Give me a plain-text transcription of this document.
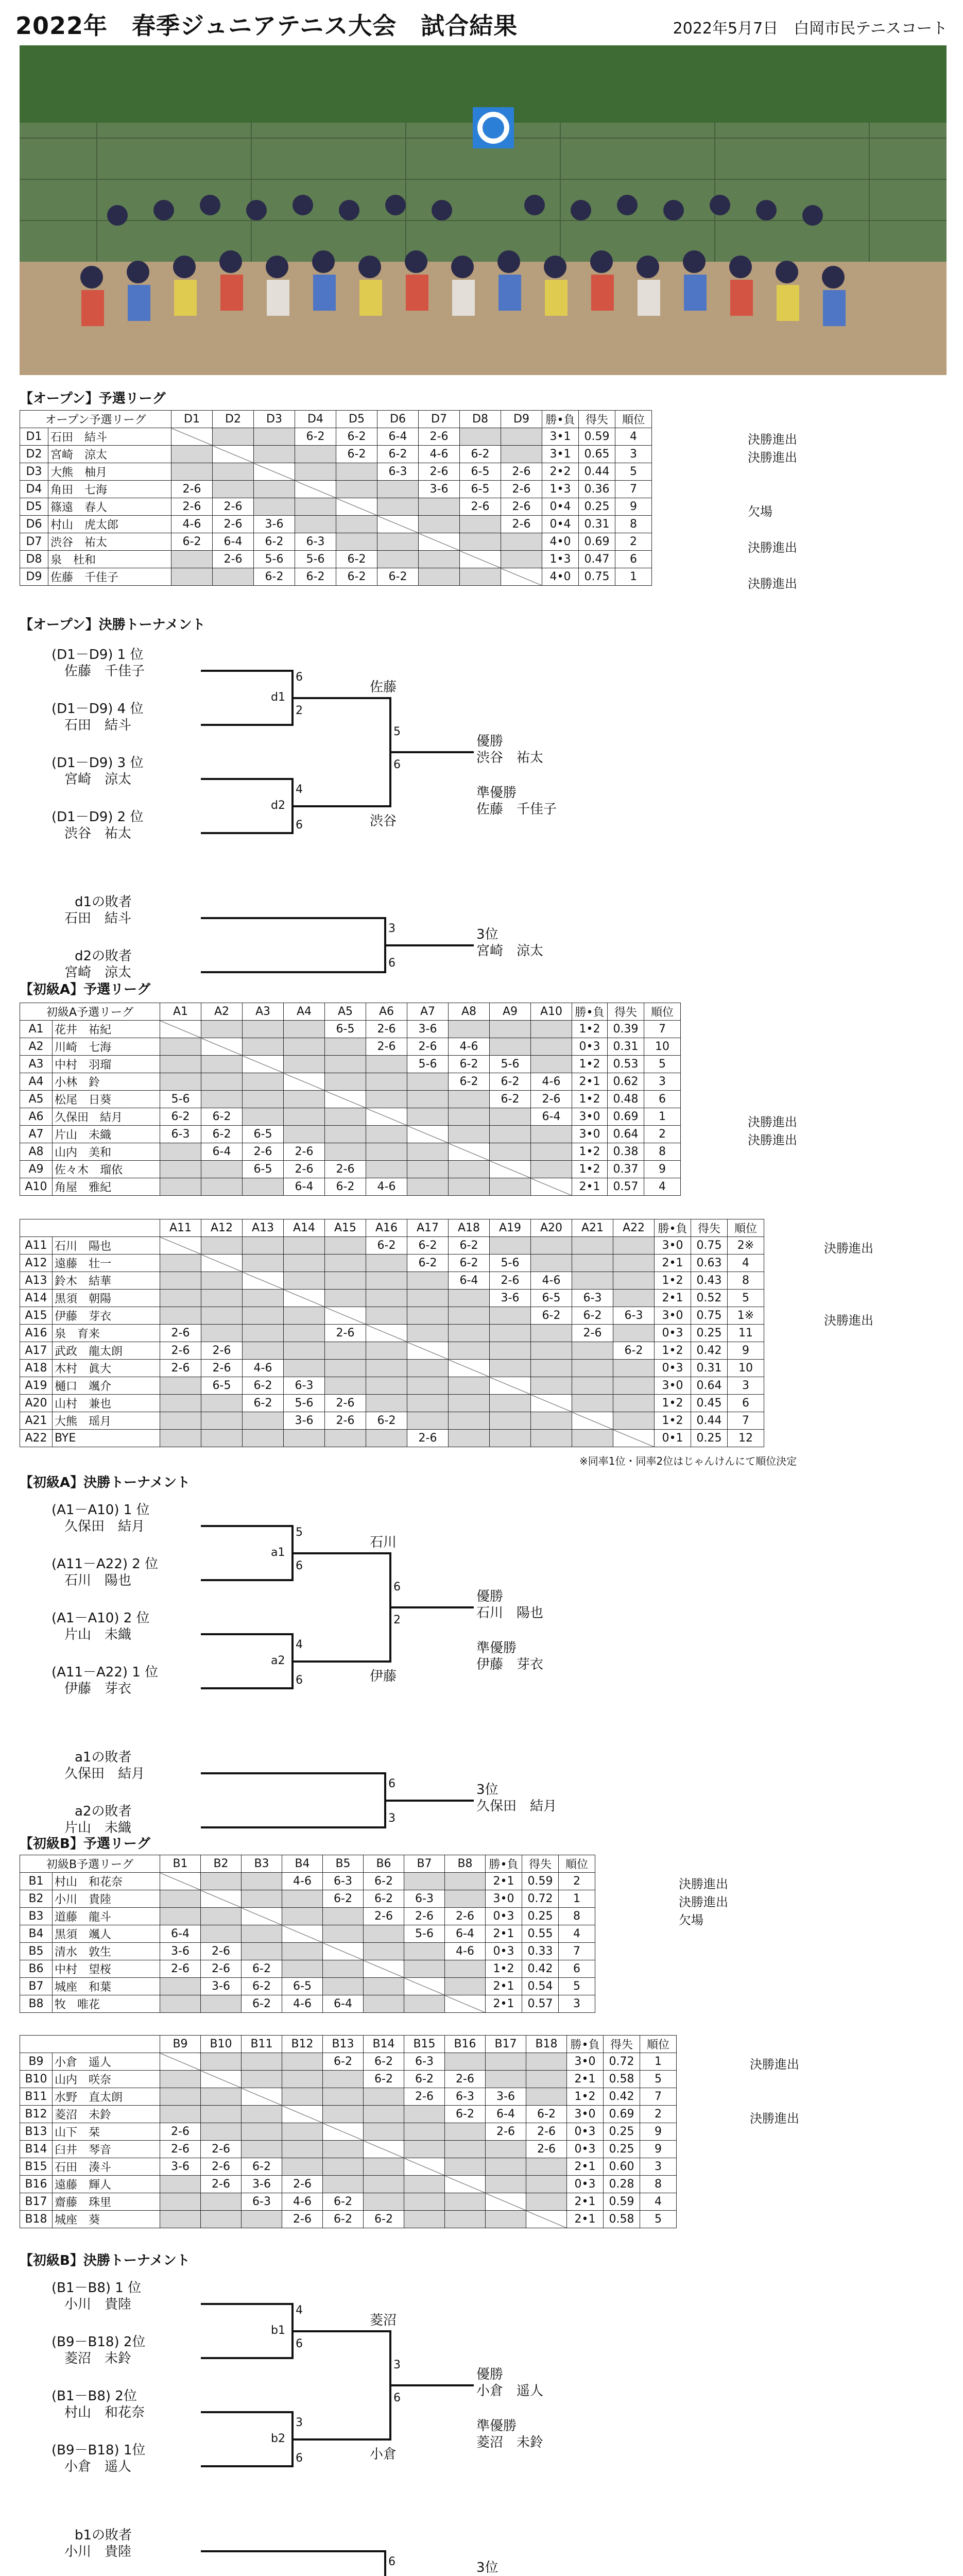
2022年　春季ジュニアテニス大会　試合結果	2022年5月7日　 白岡市民テニスコート
【オープン】予選リーグ
決勝進出
決勝進出
欠場
決勝進出
決勝進出
オープン予選リーグ		D1	D2	D3	D4	D5	D6	D7	D8	D9	勝•負	得失	順位
D1	石田　結斗				6-2	6-2	6-4	2-6			3•1	0.59	4
D2	宮崎　涼太					6-2	6-2	4-6	6-2		3•1	0.65	3
D3	大熊　柚月						6-3	2-6	6-5	2-6	2•2	0.44	5
D4	角田　七海	2-6						3-6	6-5	2-6	1•3	0.36	7
D5	篠遠　春人	2-6	2-6						2-6	2-6	0•4	0.25	9
D6	村山　虎太郎	4-6	2-6	3-6						2-6	0•4	0.31	8
D7	渋谷　祐太	6-2	6-4	6-2	6-3						4•0	0.69	2
D8	泉　杜和		2-6	5-6	5-6	6-2					1•3	0.47	6
D9	佐藤　千佳子			6-2	6-2	6-2	6-2				4•0	0.75	1
【オープン】決勝トーナメント
(D1－D9) 1 位
佐藤　千佳子
(D1－D9) 4 位
石田　結斗
(D1－D9) 3 位
宮崎　涼太
(D1－D9) 2 位
渋谷　祐太
d1
d2
6
2
4
6
佐藤
渋谷
5
6
優勝
渋谷　祐太
準優勝
佐藤　千佳子
d1の敗者
石田　結斗
d2の敗者
宮崎　涼太
3
6
3位
宮崎　涼太
【初級A】予選リーグ
決勝進出
決勝進出
初級A予選リーグ		A1	A2	A3	A4	A5	A6	A7	A8	A9	A10	勝•負	得失	順位
A1	花井　祐紀					6-5	2-6	3-6				1•2	0.39	7
A2	川崎　七海						2-6	2-6	4-6			0•3	0.31	10
A3	中村　羽瑠							5-6	6-2	5-6		1•2	0.53	5
A4	小林　鈴								6-2	6-2	4-6	2•1	0.62	3
A5	松尾　日葵	5-6								6-2	2-6	1•2	0.48	6
A6	久保田　結月	6-2	6-2								6-4	3•0	0.69	1
A7	片山　未織	6-3	6-2	6-5								3•0	0.64	2
A8	山内　美和		6-4	2-6	2-6							1•2	0.38	8
A9	佐々木　瑠依			6-5	2-6	2-6						1•2	0.37	9
A10	角屋　雅紀				6-4	6-2	4-6					2•1	0.57	4
決勝進出
決勝進出
		A11	A12	A13	A14	A15	A16	A17	A18	A19	A20	A21	A22	勝•負	得失	順位
A11	石川　陽也						6-2	6-2	6-2					3•0	0.75	2※
A12	遠藤　壮一							6-2	6-2	5-6				2•1	0.63	4
A13	鈴木　結華								6-4	2-6	4-6			1•2	0.43	8
A14	黒須　朝陽									3-6	6-5	6-3		2•1	0.52	5
A15	伊藤　芽衣										6-2	6-2	6-3	3•0	0.75	1※
A16	泉　育来	2-6				2-6						2-6		0•3	0.25	11
A17	武政　龍太朗	2-6	2-6										6-2	1•2	0.42	9
A18	木村　眞大	2-6	2-6	4-6										0•3	0.31	10
A19	樋口　颯介		6-5	6-2	6-3									3•0	0.64	3
A20	山村　兼也			6-2	5-6	2-6								1•2	0.45	6
A21	大熊　瑶月				3-6	2-6	6-2							1•2	0.44	7
A22	BYE							2-6						0•1	0.25	12
※同率1位・同率2位はじゃんけんにて順位決定
【初級A】決勝トーナメント
(A1－A10) 1 位
久保田　結月
(A11－A22) 2 位
石川　陽也
(A1－A10) 2 位
片山　未織
(A11－A22) 1 位
伊藤　芽衣
a1
a2
5
6
4
6
石川
伊藤
6
2
優勝
石川　陽也
準優勝
伊藤　芽衣
a1の敗者
久保田　結月
a2の敗者
片山　未織
6
3
3位
久保田　結月
【初級B】予選リーグ
決勝進出
決勝進出
欠場
初級B予選リーグ		B1	B2	B3	B4	B5	B6	B7	B8	勝•負	得失	順位
B1	村山　和花奈				4-6	6-3	6-2			2•1	0.59	2
B2	小川　貴陸					6-2	6-2	6-3		3•0	0.72	1
B3	道藤　龍斗						2-6	2-6	2-6	0•3	0.25	8
B4	黒須　颯人	6-4						5-6	6-4	2•1	0.55	4
B5	清水　敦生	3-6	2-6						4-6	0•3	0.33	7
B6	中村　望桜	2-6	2-6	6-2						1•2	0.42	6
B7	城座　和葉		3-6	6-2	6-5					2•1	0.54	5
B8	牧　唯花			6-2	4-6	6-4				2•1	0.57	3
決勝進出
決勝進出
		B9	B10	B11	B12	B13	B14	B15	B16	B17	B18	勝•負	得失	順位
B9	小倉　遥人					6-2	6-2	6-3				3•0	0.72	1
B10	山内　咲奈						6-2	6-2	2-6			2•1	0.58	5
B11	水野　直太朗							2-6	6-3	3-6		1•2	0.42	7
B12	菱沼　未鈴								6-2	6-4	6-2	3•0	0.69	2
B13	山下　栞	2-6								2-6	2-6	0•3	0.25	9
B14	臼井　琴音	2-6	2-6								2-6	0•3	0.25	9
B15	石田　湊斗	3-6	2-6	6-2								2•1	0.60	3
B16	遠藤　輝人		2-6	3-6	2-6							0•3	0.28	8
B17	齋藤　珠里			6-3	4-6	6-2						2•1	0.59	4
B18	城座　葵				2-6	6-2	6-2					2•1	0.58	5
【初級B】決勝トーナメント
(B1－B8) 1 位
小川　貴陸
(B9－B18) 2位
菱沼　未鈴
(B1－B8) 2位
村山　和花奈
(B9－B18) 1位
小倉　遥人
b1
b2
4
6
3
6
菱沼
小倉
3
6
優勝
小倉　遥人
準優勝
菱沼　未鈴
b1の敗者
小川　貴陸
6	3位
